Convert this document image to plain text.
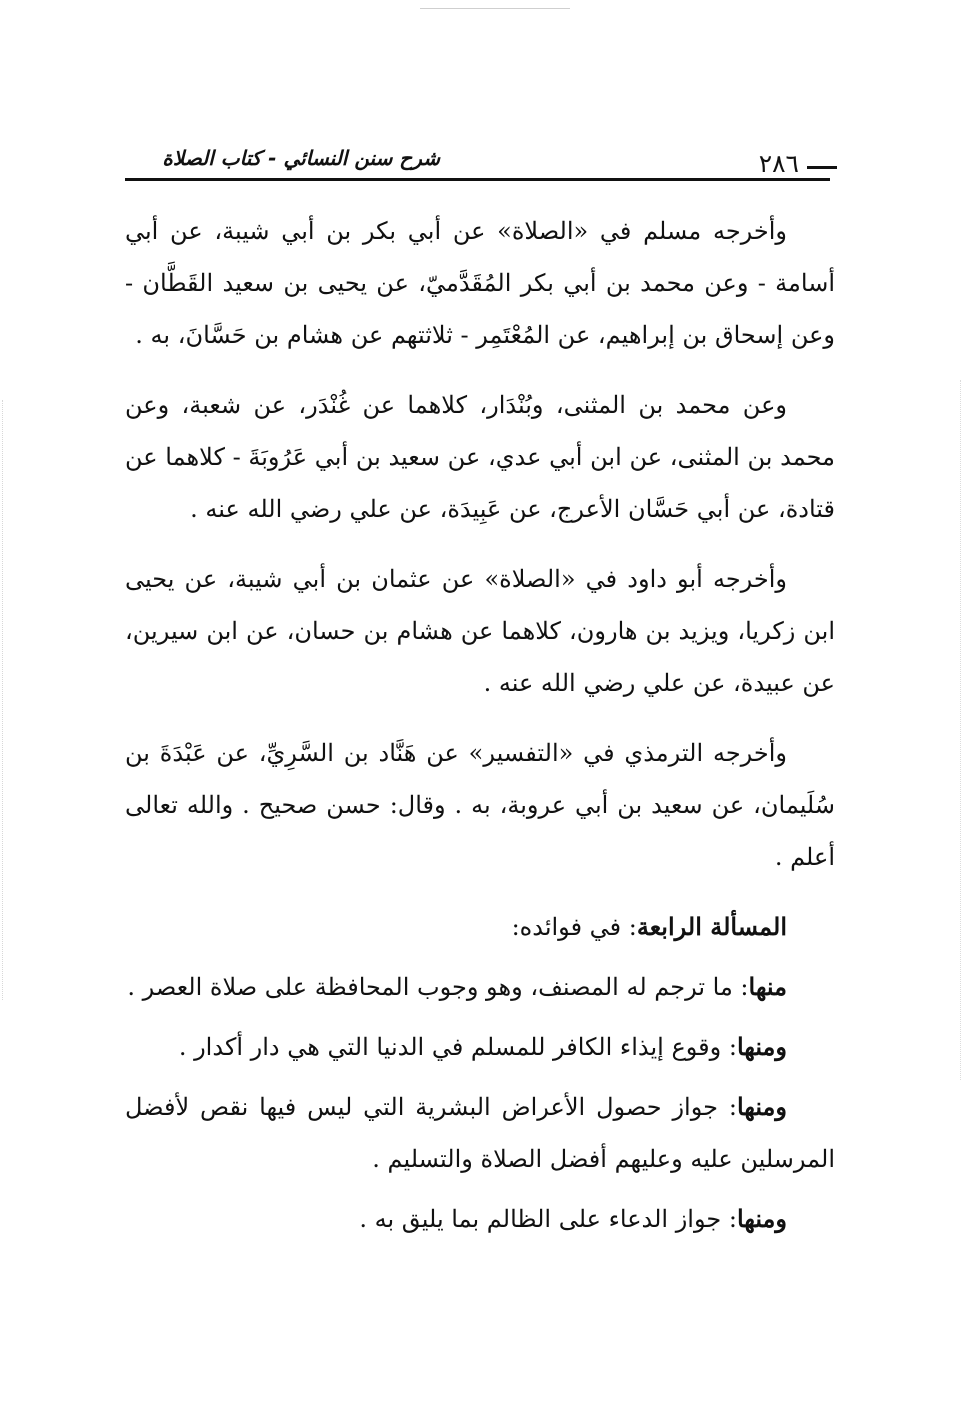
شرح سنن النسائي - كتاب الصلاة	٢٨٦

وأخرجه مسلم في «الصلاة» عن أبي بكر بن أبي شيبة، عن أبي أسامة - وعن محمد بن أبي بكر المُقَدَّميّ، عن يحيى بن سعيد القَطَّان - وعن إسحاق بن إبراهيم، عن المُعْتَمِر - ثلاثتهم عن هشام بن حَسَّانَ، به .

وعن محمد بن المثنى، وبُنْدَار، كلاهما عن غُنْدَر، عن شعبة، وعن محمد بن المثنى، عن ابن أبي عدي، عن سعيد بن أبي عَرُوبَةَ - كلاهما عن قتادة، عن أبي حَسَّان الأعرج، عن عَبِيدَة، عن علي رضي الله عنه .

وأخرجه أبو داود في «الصلاة» عن عثمان بن أبي شيبة، عن يحيى ابن زكريا، ويزيد بن هارون، كلاهما عن هشام بن حسان، عن ابن سيرين، عن عبيدة، عن علي رضي الله عنه .

وأخرجه الترمذي في «التفسير» عن هَنَّاد بن السَّرِيِّ، عن عَبْدَةَ بن سُلَيمان، عن سعيد بن أبي عروبة، به . وقال: حسن صحيح . والله تعالى أعلم .

المسألة الرابعة: في فوائده:

منها: ما ترجم له المصنف، وهو وجوب المحافظة على صلاة العصر .

ومنها: وقوع إيذاء الكافر للمسلم في الدنيا التي هي دار أكدار .

ومنها: جواز حصول الأعراض البشرية التي ليس فيها نقص لأفضل المرسلين عليه وعليهم أفضل الصلاة والتسليم .

ومنها: جواز الدعاء على الظالم بما يليق به .
